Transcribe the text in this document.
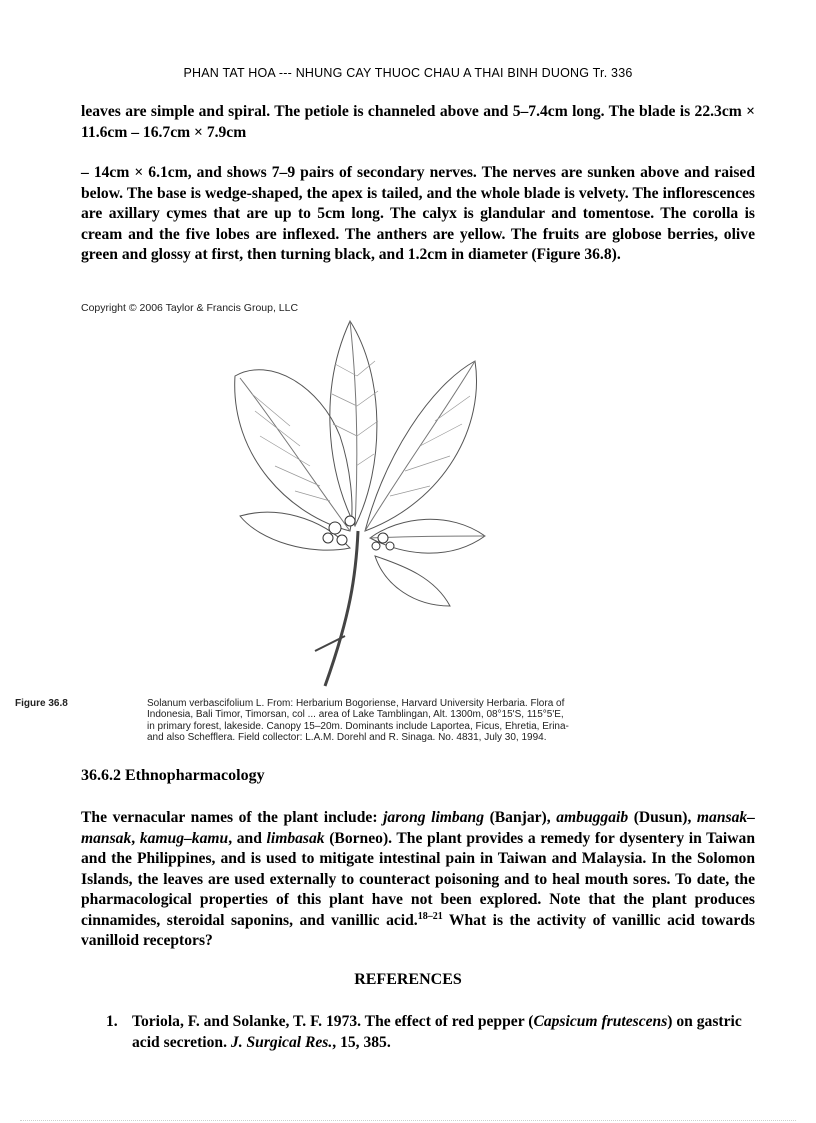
PHAN TAT HOA --- NHUNG CAY THUOC CHAU A THAI BINH DUONG Tr. 336

leaves are simple and spiral. The petiole is channeled above and 5–7.4cm long. The blade is 22.3cm × 11.6cm – 16.7cm × 7.9cm

– 14cm × 6.1cm, and shows 7–9 pairs of secondary nerves. The nerves are sunken above and raised below. The base is wedge-shaped, the apex is tailed, and the whole blade is velvety. The inflorescences are axillary cymes that are up to 5cm long. The calyx is glandular and tomentose. The corolla is cream and the five lobes are inflexed. The anthers are yellow. The fruits are globose berries, olive green and glossy at first, then turning black, and 1.2cm in diameter (Figure 36.8).

Copyright © 2006 Taylor & Francis Group, LLC
Figure 36.8	Solanum verbascifolium L. From: Herbarium Bogoriense, Harvard University Herbaria. Flora of
Indonesia, Bali Timor, Timorsan, col ... area of Lake Tamblingan, Alt. 1300m, 08°15'S, 115°5'E,
in primary forest, lakeside. Canopy 15–20m. Dominants include Laportea, Ficus, Ehretia, Erina-
and also Schefflera. Field collector: L.A.M. Dorehl and R. Sinaga. No. 4831, July 30, 1994.
36.6.2 Ethnopharmacology

The vernacular names of the plant include: jarong limbang (Banjar), ambuggaib (Dusun), mansak–mansak, kamug–kamu, and limbasak (Borneo). The plant provides a remedy for dysentery in Taiwan and the Philippines, and is used to mitigate intestinal pain in Taiwan and Malaysia. In the Solomon Islands, the leaves are used externally to counteract poisoning and to heal mouth sores. To date, the pharmacological properties of this plant have not been explored. Note that the plant produces cinnamides, steroidal saponins, and vanillic acid.$^{18-21}$ What is the activity of vanillic acid towards vanilloid receptors?

REFERENCES
1. Toriola, F. and Solanke, T. F. 1973. The effect of red pepper (Capsicum frutescens) on gastric acid secretion. J. Surgical Res., 15, 385.
